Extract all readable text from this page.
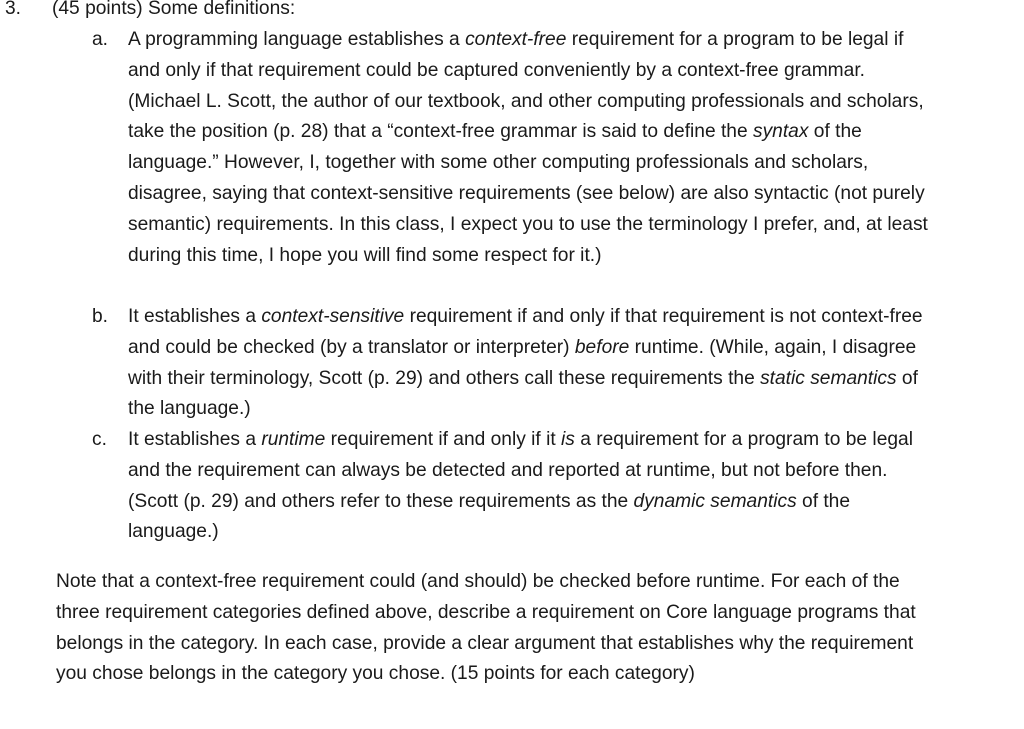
3. (45 points) Some definitions:
a. A programming language establishes a context-free requirement for a program to be legal if and only if that requirement could be captured conveniently by a context-free grammar. (Michael L. Scott, the author of our textbook, and other computing professionals and scholars, take the position (p. 28) that a “context-free grammar is said to define the syntax of the language.” However, I, together with some other computing professionals and scholars, disagree, saying that context-sensitive requirements (see below) are also syntactic (not purely semantic) requirements. In this class, I expect you to use the terminology I prefer, and, at least during this time, I hope you will find some respect for it.)

b. It establishes a context-sensitive requirement if and only if that requirement is not context-free and could be checked (by a translator or interpreter) before runtime. (While, again, I disagree with their terminology, Scott (p. 29) and others call these requirements the static semantics of the language.)

c. It establishes a runtime requirement if and only if it is a requirement for a program to be legal and the requirement can always be detected and reported at runtime, but not before then. (Scott (p. 29) and others refer to these requirements as the dynamic semantics of the language.)

Note that a context-free requirement could (and should) be checked before runtime. For each of the three requirement categories defined above, describe a requirement on Core language programs that belongs in the category. In each case, provide a clear argument that establishes why the requirement you chose belongs in the category you chose. (15 points for each category)
